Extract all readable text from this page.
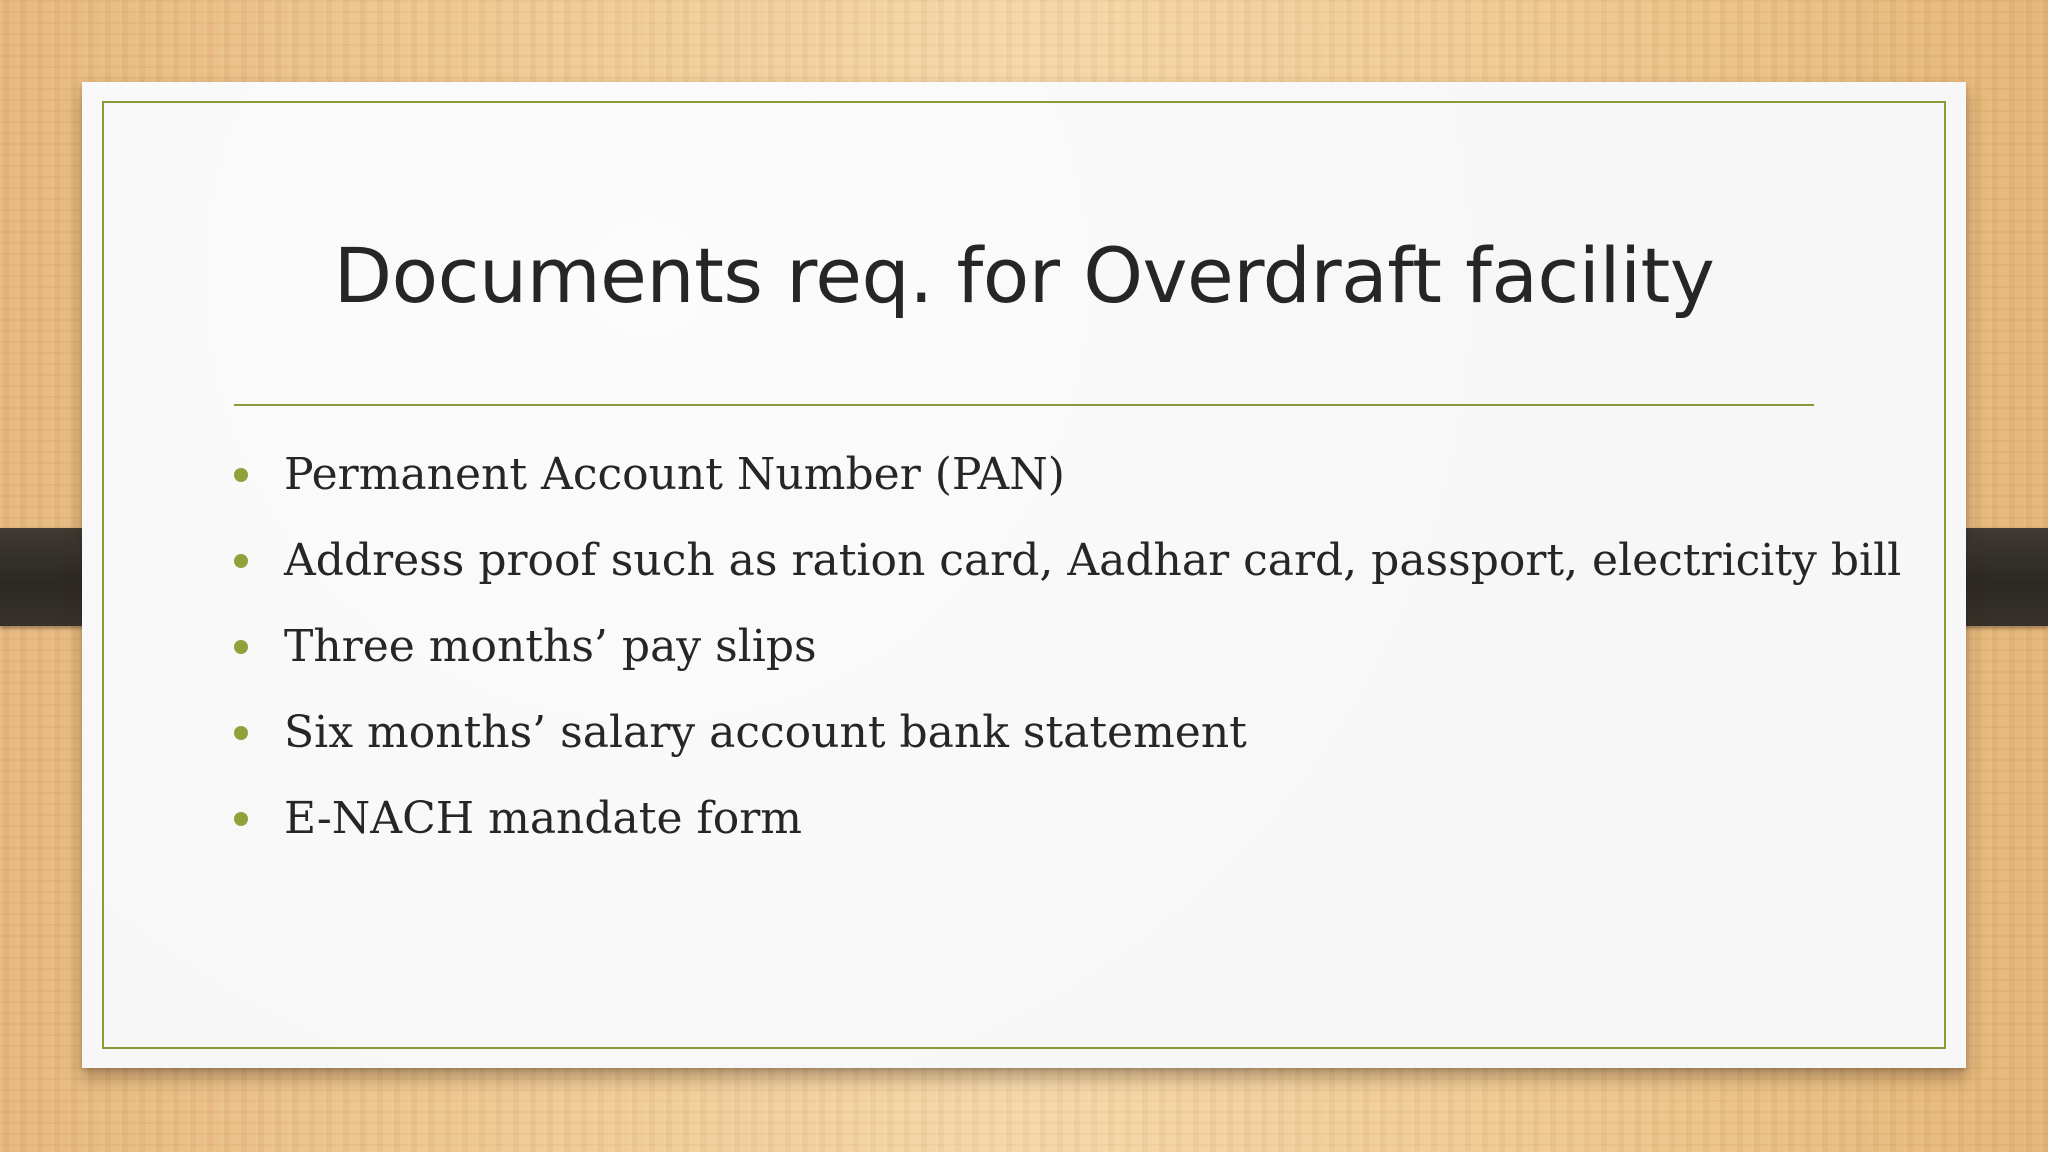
Documents req. for Overdraft facility
Permanent Account Number (PAN)
Address proof such as ration card, Aadhar card, passport, electricity bill
Three months’ pay slips
Six months’ salary account bank statement
E-NACH mandate form
